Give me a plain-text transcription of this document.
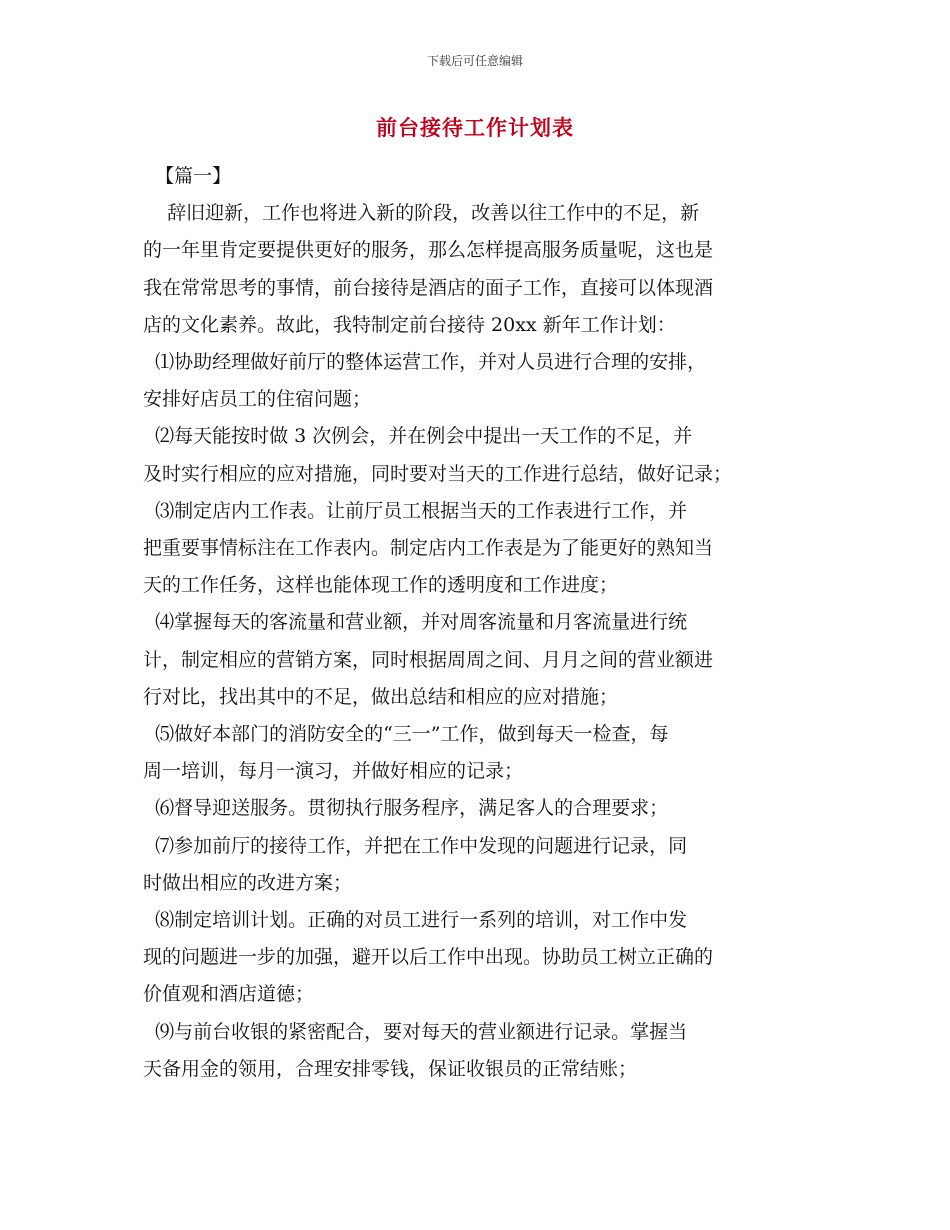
下载后可任意编辑
前台接待工作计划表

【篇一】

辞旧迎新，工作也将进入新的阶段，改善以往工作中的不足，新

的一年里肯定要提供更好的服务，那么怎样提高服务质量呢，这也是

我在常常思考的事情，前台接待是酒店的面子工作，直接可以体现酒

店的文化素养。故此，我特制定前台接待 20xx 新年工作计划：

⑴协助经理做好前厅的整体运营工作，并对人员进行合理的安排，

安排好店员工的住宿问题；

⑵每天能按时做 3 次例会，并在例会中提出一天工作的不足，并

及时实行相应的应对措施，同时要对当天的工作进行总结，做好记录；

⑶制定店内工作表。让前厅员工根据当天的工作表进行工作，并

把重要事情标注在工作表内。制定店内工作表是为了能更好的熟知当

天的工作任务，这样也能体现工作的透明度和工作进度；

⑷掌握每天的客流量和营业额，并对周客流量和月客流量进行统

计，制定相应的营销方案，同时根据周周之间、月月之间的营业额进

行对比，找出其中的不足，做出总结和相应的应对措施；

⑸做好本部门的消防安全的“三一”工作，做到每天一检查，每

周一培训，每月一演习，并做好相应的记录；

⑹督导迎送服务。贯彻执行服务程序，满足客人的合理要求；

⑺参加前厅的接待工作，并把在工作中发现的问题进行记录，同

时做出相应的改进方案；

⑻制定培训计划。正确的对员工进行一系列的培训，对工作中发

现的问题进一步的加强，避开以后工作中出现。协助员工树立正确的

价值观和酒店道德；

⑼与前台收银的紧密配合，要对每天的营业额进行记录。掌握当

天备用金的领用，合理安排零钱，保证收银员的正常结账；
